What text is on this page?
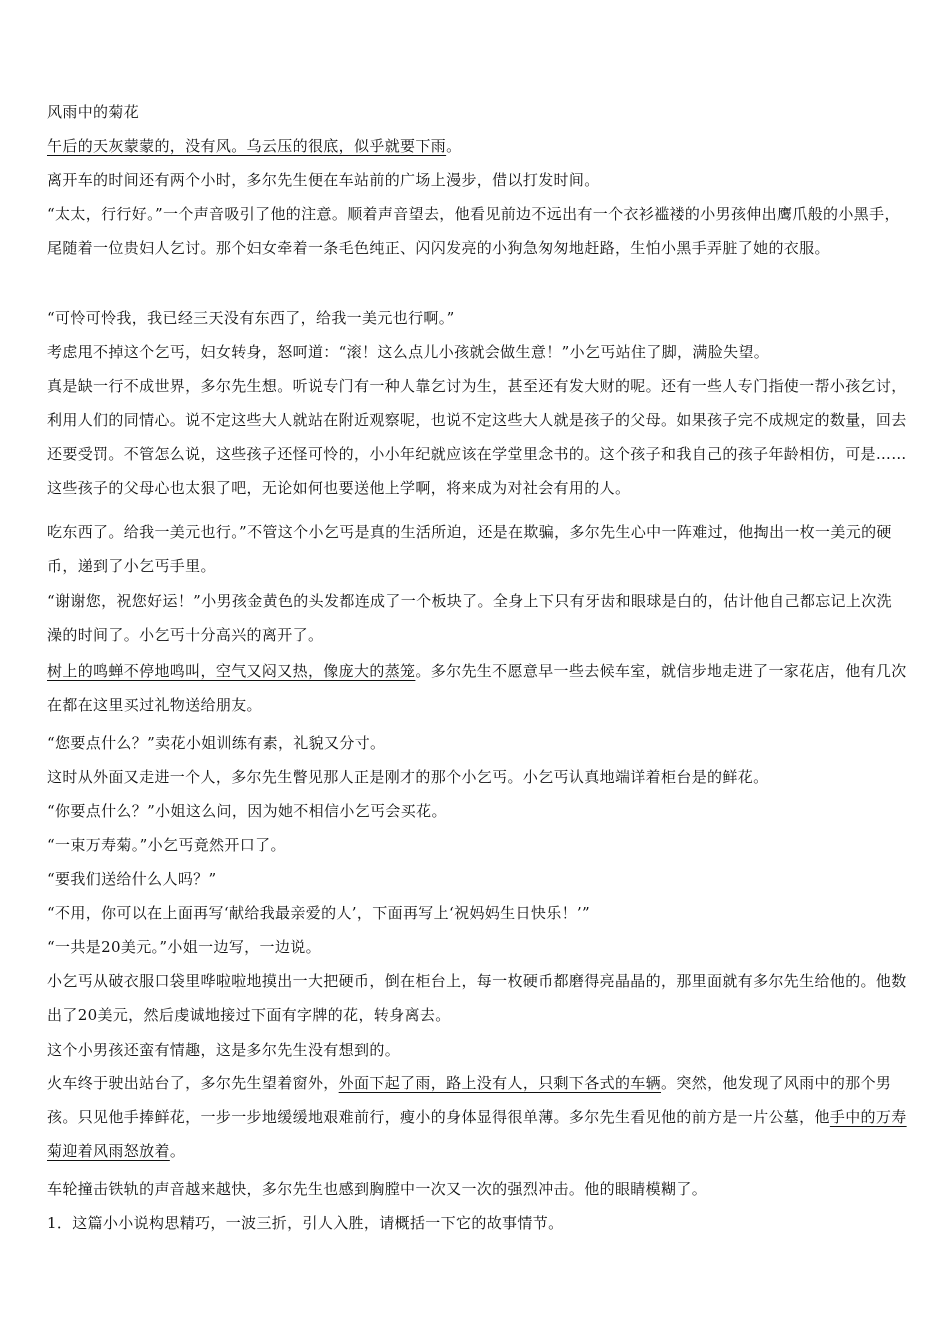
风雨中的菊花

午后的天灰蒙蒙的，没有风。乌云压的很底，似乎就要下雨。

离开车的时间还有两个小时，多尔先生便在车站前的广场上漫步，借以打发时间。

“太太，行行好。”一个声音吸引了他的注意。顺着声音望去，他看见前边不远出有一个衣衫褴褛的小男孩伸出鹰爪般的小黑手，尾随着一位贵妇人乞讨。那个妇女牵着一条毛色纯正、闪闪发亮的小狗急匆匆地赶路，生怕小黑手弄脏了她的衣服。

“可怜可怜我，我已经三天没有东西了，给我一美元也行啊。”

考虑甩不掉这个乞丐，妇女转身，怒呵道：“滚！这么点儿小孩就会做生意！”小乞丐站住了脚，满脸失望。

真是缺一行不成世界，多尔先生想。听说专门有一种人靠乞讨为生，甚至还有发大财的呢。还有一些人专门指使一帮小孩乞讨，利用人们的同情心。说不定这些大人就站在附近观察呢，也说不定这些大人就是孩子的父母。如果孩子完不成规定的数量，回去还要受罚。不管怎么说，这些孩子还怪可怜的，小小年纪就应该在学堂里念书的。这个孩子和我自己的孩子年龄相仿，可是……这些孩子的父母心也太狠了吧，无论如何也要送他上学啊，将来成为对社会有用的人。

吃东西了。给我一美元也行。”不管这个小乞丐是真的生活所迫，还是在欺骗，多尔先生心中一阵难过，他掏出一枚一美元的硬币，递到了小乞丐手里。

“谢谢您，祝您好运！”小男孩金黄色的头发都连成了一个板块了。全身上下只有牙齿和眼球是白的，估计他自己都忘记上次洗澡的时间了。小乞丐十分高兴的离开了。

树上的鸣蝉不停地鸣叫，空气又闷又热，像庞大的蒸笼。多尔先生不愿意早一些去候车室，就信步地走进了一家花店，他有几次在都在这里买过礼物送给朋友。

“您要点什么？”卖花小姐训练有素，礼貌又分寸。

这时从外面又走进一个人，多尔先生瞥见那人正是刚才的那个小乞丐。小乞丐认真地端详着柜台是的鲜花。

“你要点什么？”小姐这么问，因为她不相信小乞丐会买花。

“一束万寿菊。”小乞丐竟然开口了。

“要我们送给什么人吗？”

“不用，你可以在上面再写‘献给我最亲爱的人’，下面再写上‘祝妈妈生日快乐！’”

“一共是20美元。”小姐一边写，一边说。

小乞丐从破衣服口袋里哗啦啦地摸出一大把硬币，倒在柜台上，每一枚硬币都磨得亮晶晶的，那里面就有多尔先生给他的。他数出了20美元，然后虔诚地接过下面有字牌的花，转身离去。

这个小男孩还蛮有情趣，这是多尔先生没有想到的。

火车终于驶出站台了，多尔先生望着窗外，外面下起了雨，路上没有人，只剩下各式的车辆。突然，他发现了风雨中的那个男孩。只见他手捧鲜花，一步一步地缓缓地艰难前行，瘦小的身体显得很单薄。多尔先生看见他的前方是一片公墓，他手中的万寿菊迎着风雨怒放着。

车轮撞击铁轨的声音越来越快，多尔先生也感到胸膛中一次又一次的强烈冲击。他的眼睛模糊了。

1．这篇小小说构思精巧，一波三折，引人入胜，请概括一下它的故事情节。
